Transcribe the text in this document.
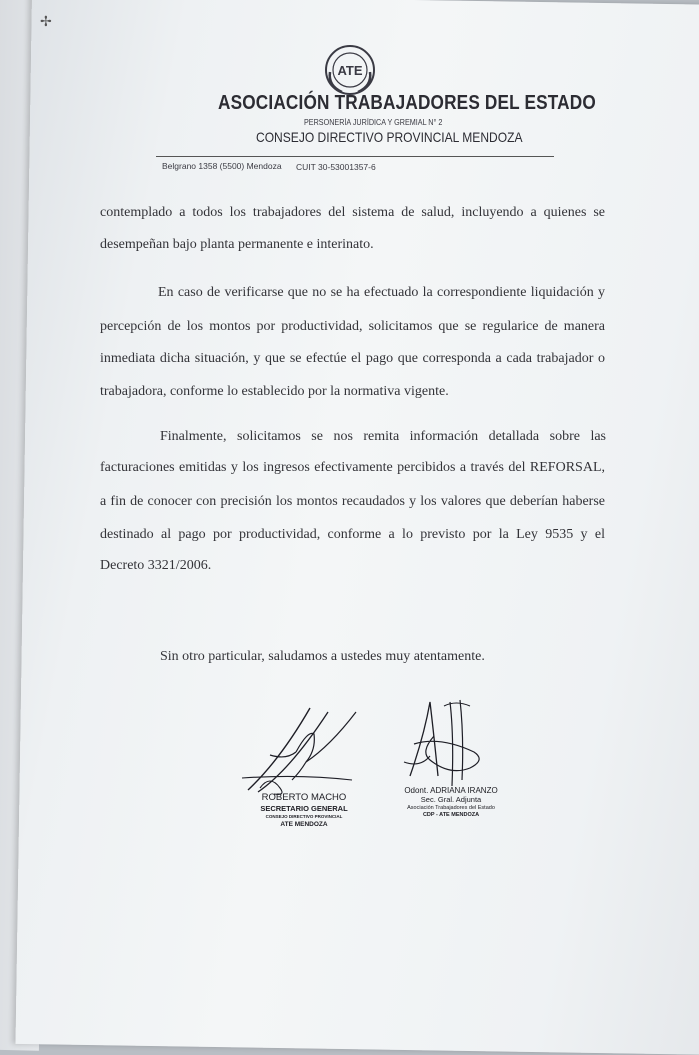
✢
ATE
ASOCIACIÓN TRABAJADORES DEL ESTADO
PERSONERÍA JURÍDICA Y GREMIAL N° 2
CONSEJO DIRECTIVO PROVINCIAL MENDOZA
Belgrano 1358 (5500) Mendoza CUIT 30-53001357-6
contemplado a todos los trabajadores del sistema de salud, incluyendo a quienes se
desempeñan bajo planta permanente e interinato.
En caso de verificarse que no se ha efectuado la correspondiente liquidación y
percepción de los montos por productividad, solicitamos que se regularice de manera
inmediata dicha situación, y que se efectúe el pago que corresponda a cada trabajador o
trabajadora, conforme lo establecido por la normativa vigente.
Finalmente, solicitamos se nos remita información detallada sobre las
facturaciones emitidas y los ingresos efectivamente percibidos a través del REFORSAL,
a fin de conocer con precisión los montos recaudados y los valores que deberían haberse
destinado al pago por productividad, conforme a lo previsto por la Ley 9535 y el
Decreto 3321/2006.
Sin otro particular, saludamos a ustedes muy atentamente.
ROBERTO MACHO
SECRETARIO GENERAL
CONSEJO DIRECTIVO PROVINCIAL
ATE MENDOZA
Odont. ADRIANA IRANZO
Sec. Gral. Adjunta
Asociación Trabajadores del Estado
CDP - ATE MENDOZA
